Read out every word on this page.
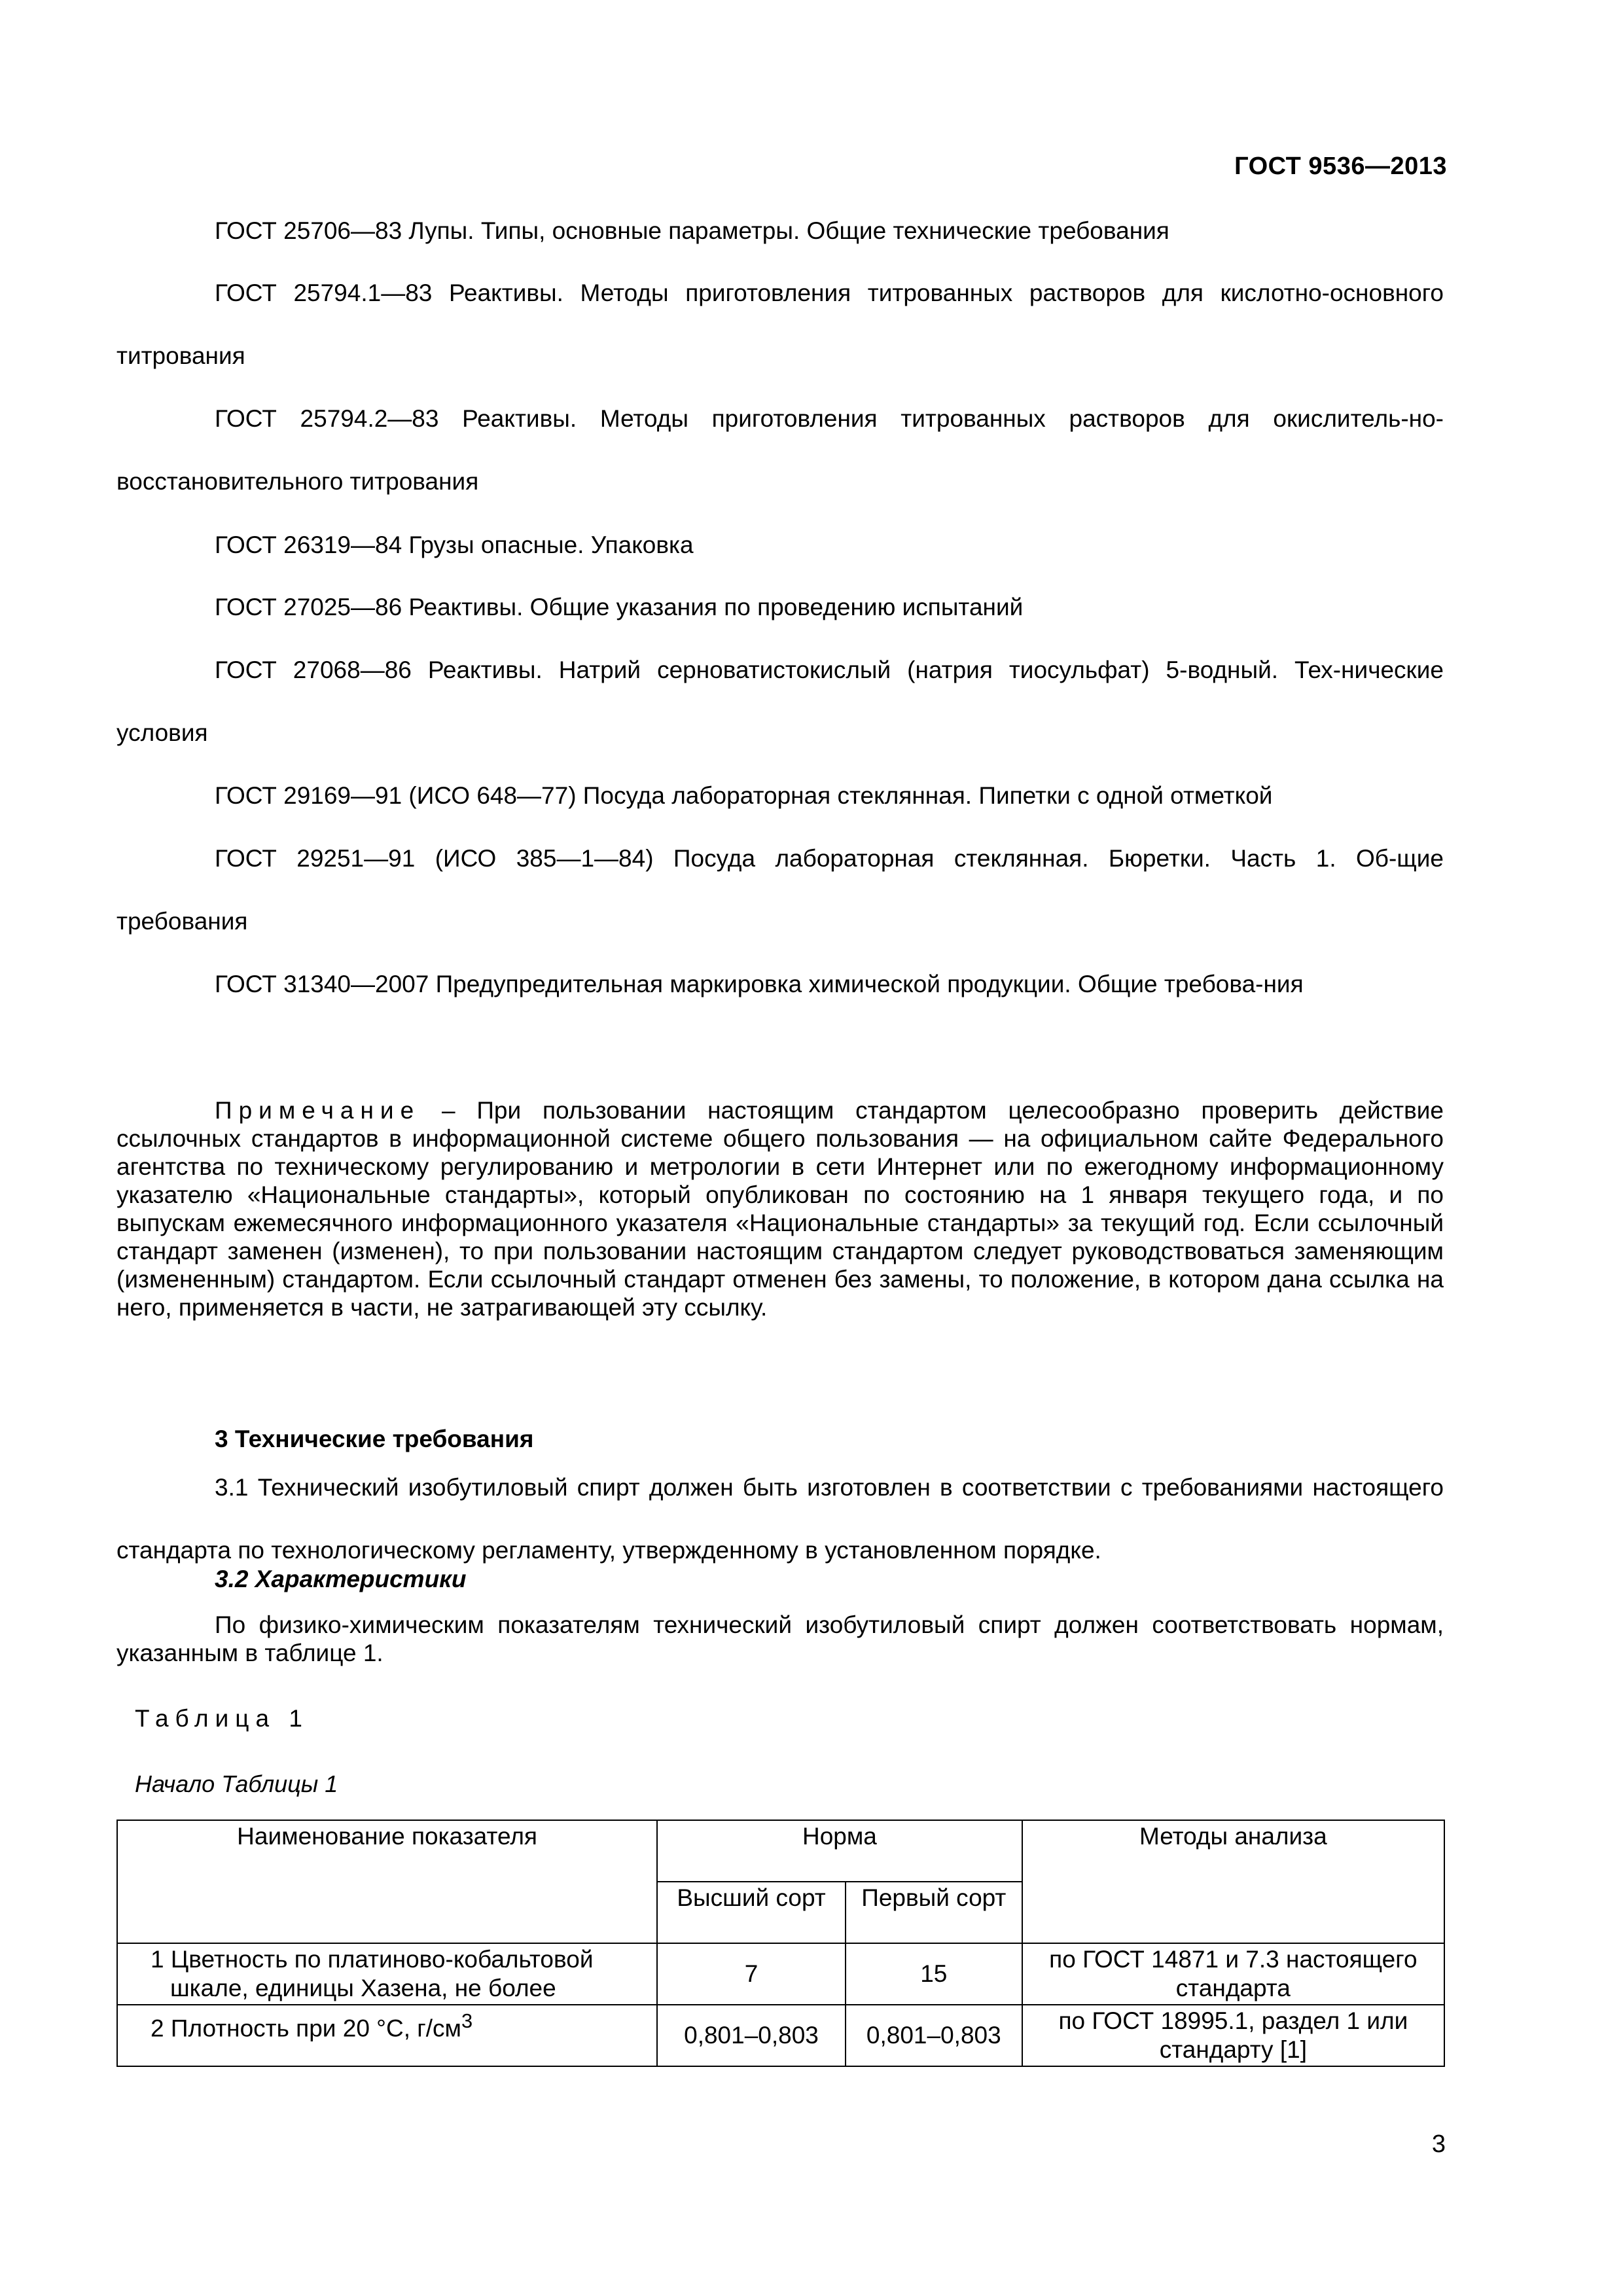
ГОСТ 9536—2013

ГОСТ 25706—83 Лупы. Типы, основные параметры. Общие технические требования

ГОСТ 25794.1—83 Реактивы. Методы приготовления титрованных растворов для кислотно-основного титрования

ГОСТ 25794.2—83 Реактивы. Методы приготовления титрованных растворов для окислитель-но-восстановительного титрования

ГОСТ 26319—84 Грузы опасные. Упаковка

ГОСТ 27025—86 Реактивы. Общие указания по проведению испытаний

ГОСТ 27068—86 Реактивы. Натрий серноватистокислый (натрия тиосульфат) 5-водный. Тех-нические условия

ГОСТ 29169—91 (ИСО 648—77) Посуда лабораторная стеклянная. Пипетки с одной отметкой

ГОСТ 29251—91 (ИСО 385—1—84) Посуда лабораторная стеклянная. Бюретки. Часть 1. Об-щие требования

ГОСТ 31340—2007 Предупредительная маркировка химической продукции. Общие требова-ния

Примечание – При пользовании настоящим стандартом целесообразно проверить действие ссылочных стандартов в информационной системе общего пользования — на официальном сайте Федерального агентства по техническому регулированию и метрологии в сети Интернет или по ежегодному информационному указателю «Национальные стандарты», который опубликован по состоянию на 1 января текущего года, и по выпускам ежемесячного информационного указателя «Национальные стандарты» за текущий год. Если ссылочный стандарт заменен (изменен), то при пользовании настоящим стандартом следует руководствоваться заменяющим (измененным) стандартом. Если ссылочный стандарт отменен без замены, то положение, в котором дана ссылка на него, применяется в части, не затрагивающей эту ссылку.

3 Технические требования

3.1 Технический изобутиловый спирт должен быть изготовлен в соответствии с требованиями настоящего стандарта по технологическому регламенту, утвержденному в установленном порядке.

3.2 Характеристики

По физико-химическим показателям технический изобутиловый спирт должен соответствовать нормам, указанным в таблице 1.

Таблица 1
Начало Таблицы 1
Наименование показателя	Норма		Методы анализа
	Высший сорт	Первый сорт	
1 Цветность по платиново-кобальтовой шкале, единицы Хазена, не более	7	15	по ГОСТ 14871 и 7.3 настоящего стандарта
2 Плотность при 20 °С, $г/см^3$	0,801–0,803	0,801–0,803	по ГОСТ 18995.1, раздел 1 или стандарту [1]
3
